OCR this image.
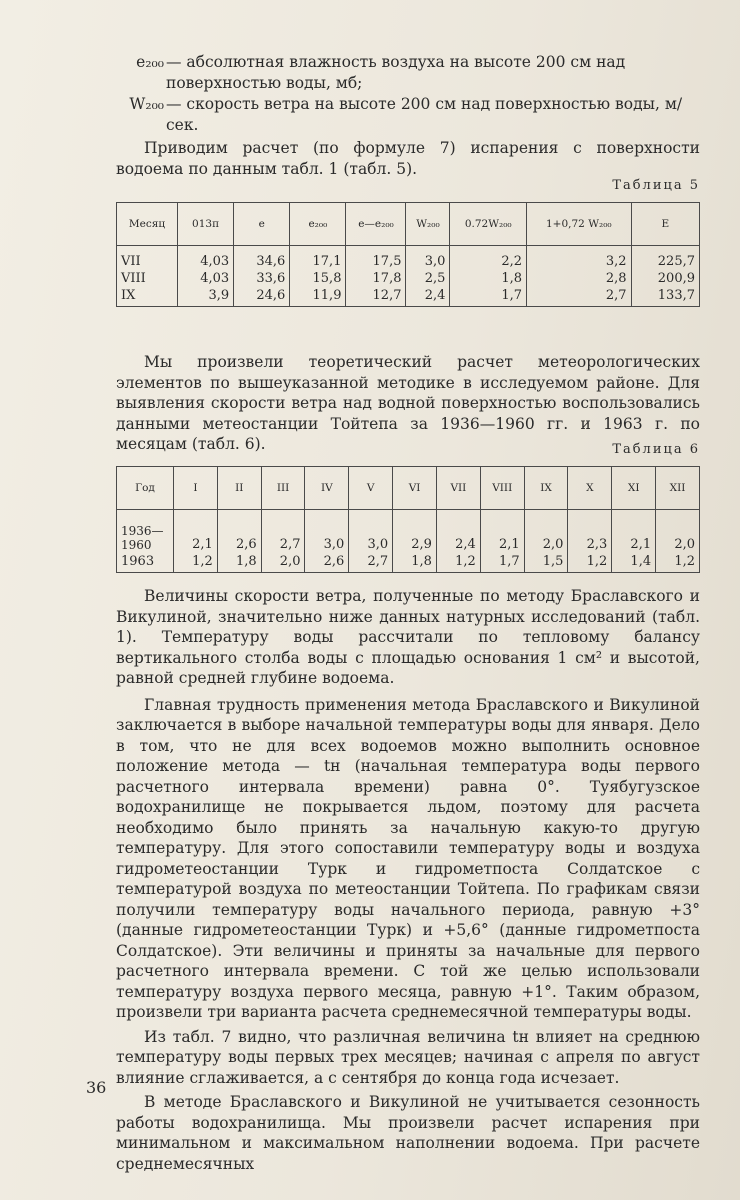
e₂₀₀ — абсолютная влажность воздуха на высоте 200 см над поверхностью воды, мб;
W₂₀₀ — скорость ветра на высоте 200 см над поверхностью воды, м/сек.

Приводим расчет (по формуле 7) испарения с поверхности водоема по данным табл. 1 (табл. 5).

Таблица 5

Месяц	013п	e	e₂₀₀	e—e₂₀₀	W₂₀₀	0.72W₂₀₀	1+0,72 W₂₀₀	E
VII	4,03	34,6	17,1	17,5	3,0	2,2	3,2	225,7
VIII	4,03	33,6	15,8	17,8	2,5	1,8	2,8	200,9
IX	3,9	24,6	11,9	12,7	2,4	1,7	2,7	133,7

Мы произвели теоретический расчет метеорологических элементов по вышеуказанной методике в исследуемом районе. Для выявления скорости ветра над водной поверхностью воспользовались данными метеостанции Тойтепа за 1936—1960 гг. и 1963 г. по месяцам (табл. 6).	Таблица 6

Год	I	II	III	IV	V	VI	VII	VIII	IX	X	XI	XII
1936—1960	2,1	2,6	2,7	3,0	3,0	2,9	2,4	2,1	2,0	2,3	2,1	2,0
1963	1,2	1,8	2,0	2,6	2,7	1,8	1,2	1,7	1,5	1,2	1,4	1,2

Величины скорости ветра, полученные по методу Браславского и Викулиной, значительно ниже данных натурных исследований (табл. 1). Температуру воды рассчитали по тепловому балансу вертикального столба воды с площадью основания 1 см² и высотой, равной средней глубине водоема.

Главная трудность применения метода Браславского и Викулиной заключается в выборе начальной температуры воды для января. Дело в том, что не для всех водоемов можно выполнить основное положение метода — tн (начальная температура воды первого расчетного интервала времени) равна 0°. Туябугузское водохранилище не покрывается льдом, поэтому для расчета необходимо было принять за начальную какую-то другую температуру. Для этого сопоставили температуру воды и воздуха гидрометеостанции Турк и гидрометпоста Солдатское с температурой воздуха по метеостанции Тойтепа. По графикам связи получили температуру воды начального периода, равную +3° (данные гидрометеостанции Турк) и +5,6° (данные гидрометпоста Солдатское). Эти величины и приняты за начальные для первого расчетного интервала времени. С той же целью использовали температуру воздуха первого месяца, равную +1°. Таким образом, произвели три варианта расчета среднемесячной температуры воды.

Из табл. 7 видно, что различная величина tн влияет на среднюю температуру воды первых трех месяцев; начиная с апреля по август влияние сглаживается, а с сентября до конца года исчезает.

В методе Браславского и Викулиной не учитывается сезонность работы водохранилища. Мы произвели расчет испарения при минимальном и максимальном наполнении водоема. При расчете среднемесячных

36
